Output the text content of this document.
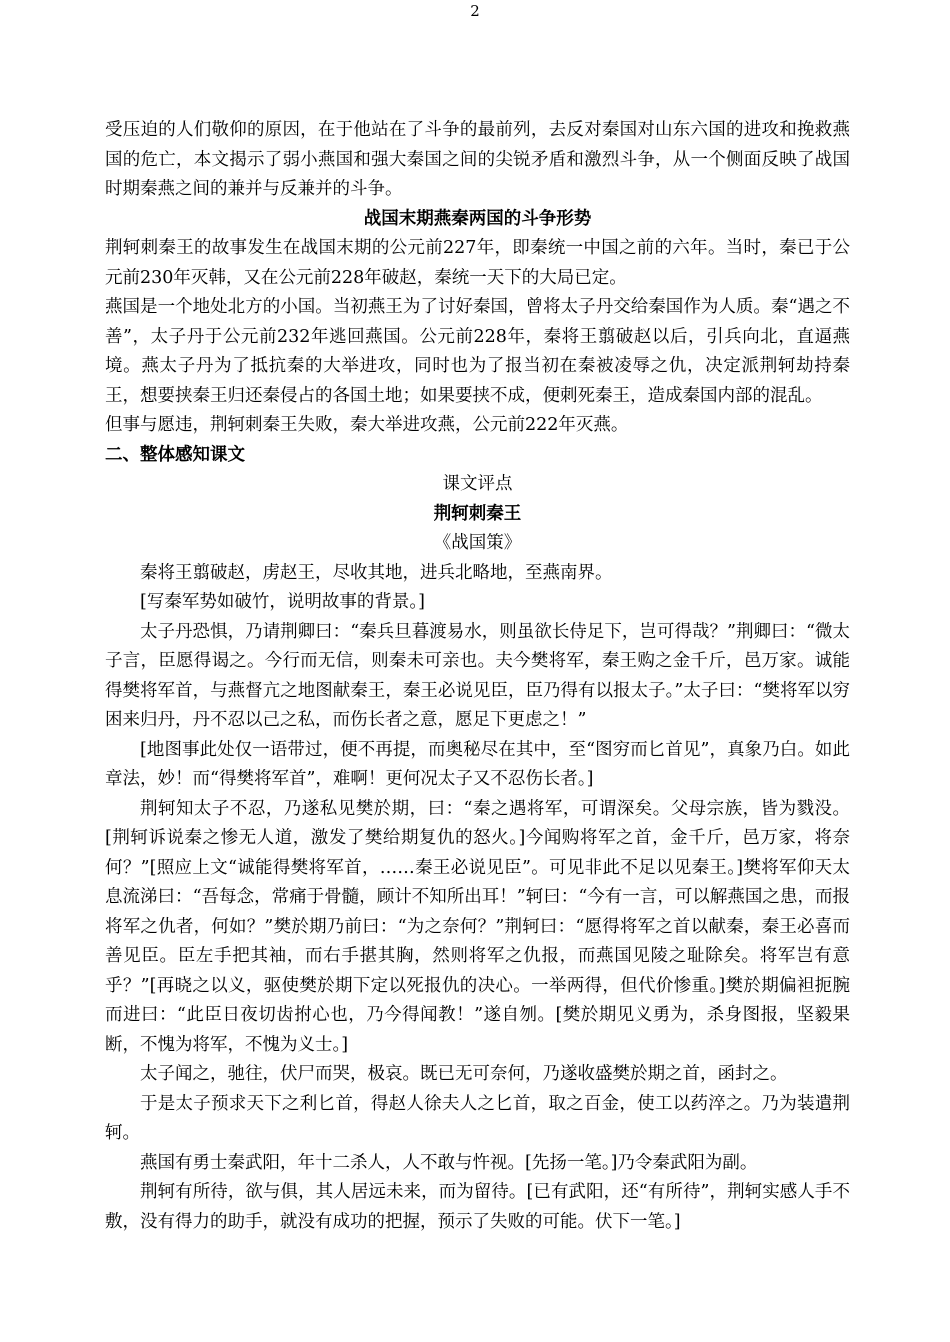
2

受压迫的人们敬仰的原因，在于他站在了斗争的最前列，去反对秦国对山东六国的进攻和挽救燕国的危亡，本文揭示了弱小燕国和强大秦国之间的尖锐矛盾和激烈斗争，从一个侧面反映了战国时期秦燕之间的兼并与反兼并的斗争。

战国末期燕秦两国的斗争形势

荆轲刺秦王的故事发生在战国末期的公元前227年，即秦统一中国之前的六年。当时，秦已于公元前230年灭韩，又在公元前228年破赵，秦统一天下的大局已定。

燕国是一个地处北方的小国。当初燕王为了讨好秦国，曾将太子丹交给秦国作为人质。秦“遇之不善”，太子丹于公元前232年逃回燕国。公元前228年，秦将王翦破赵以后，引兵向北，直逼燕境。燕太子丹为了抵抗秦的大举进攻，同时也为了报当初在秦被凌辱之仇，决定派荆轲劫持秦王，想要挟秦王归还秦侵占的各国土地；如果要挟不成，便刺死秦王，造成秦国内部的混乱。

但事与愿违，荆轲刺秦王失败，秦大举进攻燕，公元前222年灭燕。

二、整体感知课文

课文评点

荆轲刺秦王

《战国策》

秦将王翦破赵，虏赵王，尽收其地，进兵北略地，至燕南界。

[写秦军势如破竹，说明故事的背景。]

太子丹恐惧，乃请荆卿曰：“秦兵旦暮渡易水，则虽欲长侍足下，岂可得哉？”荆卿曰：“微太子言，臣愿得谒之。今行而无信，则秦未可亲也。夫今樊将军，秦王购之金千斤，邑万家。诚能得樊将军首，与燕督亢之地图献秦王，秦王必说见臣，臣乃得有以报太子。”太子曰：“樊将军以穷困来归丹，丹不忍以己之私，而伤长者之意，愿足下更虑之！”

[地图事此处仅一语带过，便不再提，而奥秘尽在其中，至“图穷而匕首见”，真象乃白。如此章法，妙！而“得樊将军首”，难啊！更何况太子又不忍伤长者。]

荆轲知太子不忍，乃遂私见樊於期，曰：“秦之遇将军，可谓深矣。父母宗族，皆为戮没。[荆轲诉说秦之惨无人道，激发了樊给期复仇的怒火。]今闻购将军之首，金千斤，邑万家，将奈何？”[照应上文“诚能得樊将军首，……秦王必说见臣”。可见非此不足以见秦王。]樊将军仰天太息流涕曰：“吾每念，常痛于骨髓，顾计不知所出耳！”轲曰：“今有一言，可以解燕国之患，而报将军之仇者，何如？”樊於期乃前曰：“为之奈何？”荆轲曰：“愿得将军之首以献秦，秦王必喜而善见臣。臣左手把其袖，而右手揕其胸，然则将军之仇报，而燕国见陵之耻除矣。将军岂有意乎？”[再晓之以义，驱使樊於期下定以死报仇的决心。一举两得，但代价惨重。]樊於期偏袒扼腕而进曰：“此臣日夜切齿拊心也，乃今得闻教！”遂自刎。[樊於期见义勇为，杀身图报，坚毅果断，不愧为将军，不愧为义士。]

太子闻之，驰往，伏尸而哭，极哀。既已无可奈何，乃遂收盛樊於期之首，函封之。

于是太子预求天下之利匕首，得赵人徐夫人之匕首，取之百金，使工以药淬之。乃为装遣荆轲。

燕国有勇士秦武阳，年十二杀人，人不敢与忤视。[先扬一笔。]乃令秦武阳为副。

荆轲有所待，欲与俱，其人居远未来，而为留待。[已有武阳，还“有所待”，荆轲实感人手不敷，没有得力的助手，就没有成功的把握，预示了失败的可能。伏下一笔。]
